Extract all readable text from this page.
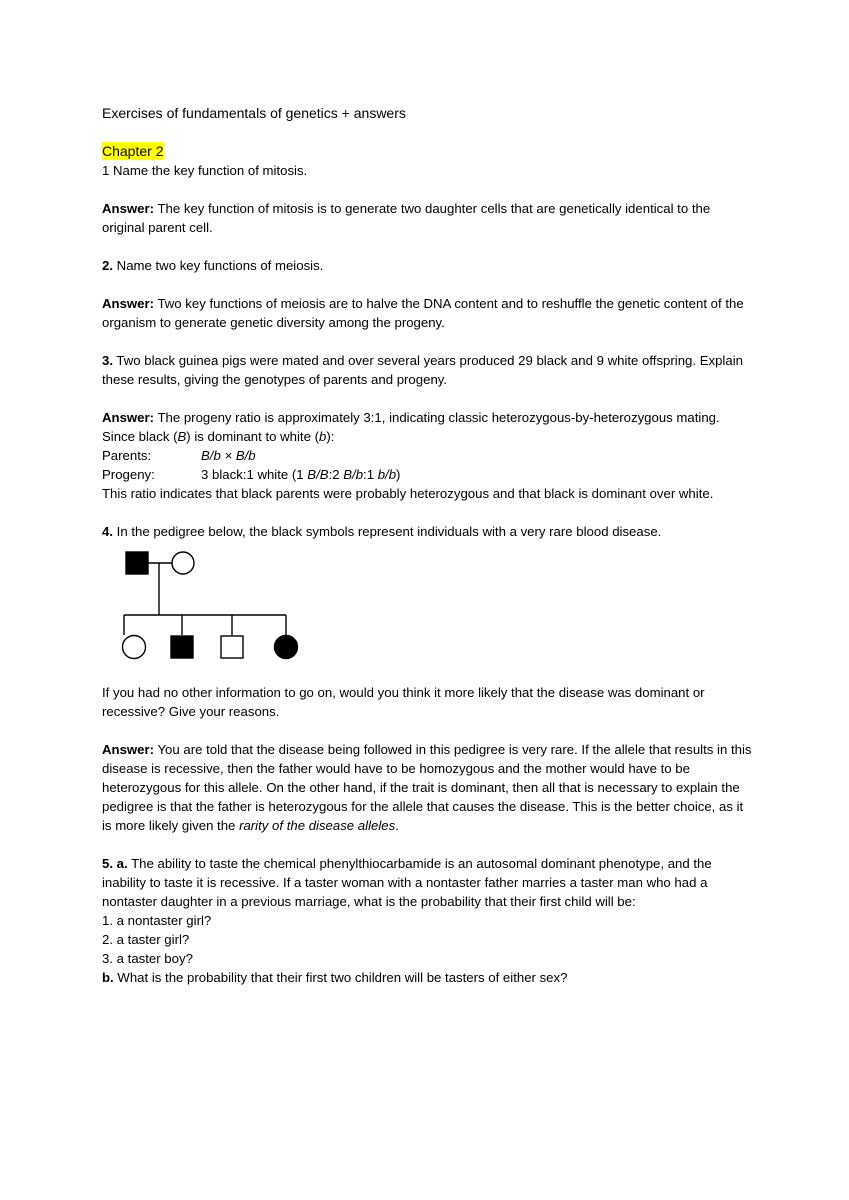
Exercises of fundamentals of genetics + answers

Chapter 2

1 Name the key function of mitosis.

Answer: The key function of mitosis is to generate two daughter cells that are genetically identical to the original parent cell.

2. Name two key functions of meiosis.

Answer: Two key functions of meiosis are to halve the DNA content and to reshuffle the genetic content of the organism to generate genetic diversity among the progeny.

3. Two black guinea pigs were mated and over several years produced 29 black and 9 white offspring. Explain these results, giving the genotypes of parents and progeny.

Answer: The progeny ratio is approximately 3:1, indicating classic heterozygous-by-heterozygous mating. Since black (B) is dominant to white (b):

Parents:	B/b × B/b
Progeny:	3 black:1 white (1 B/B:2 B/b:1 b/b)

This ratio indicates that black parents were probably heterozygous and that black is dominant over white.

4. In the pedigree below, the black symbols represent individuals with a very rare blood disease.

If you had no other information to go on, would you think it more likely that the disease was dominant or recessive? Give your reasons.

Answer: You are told that the disease being followed in this pedigree is very rare. If the allele that results in this disease is recessive, then the father would have to be homozygous and the mother would have to be heterozygous for this allele. On the other hand, if the trait is dominant, then all that is necessary to explain the pedigree is that the father is heterozygous for the allele that causes the disease. This is the better choice, as it is more likely given the rarity of the disease alleles.

5. a. The ability to taste the chemical phenylthiocarbamide is an autosomal dominant phenotype, and the inability to taste it is recessive. If a taster woman with a nontaster father marries a taster man who had a nontaster daughter in a previous marriage, what is the probability that their first child will be:

1. a nontaster girl?

2. a taster girl?

3. a taster boy?

b. What is the probability that their first two children will be tasters of either sex?
